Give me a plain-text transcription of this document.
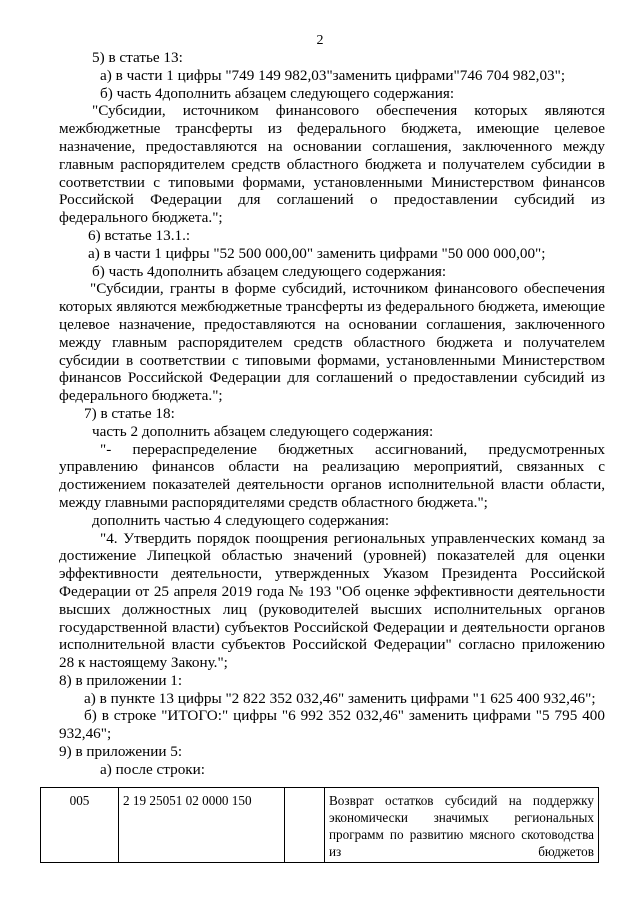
2

5) в статье 13:

а) в части 1 цифры "749 149 982,03"заменить цифрами"746 704 982,03";

б) часть 4дополнить абзацем следующего содержания:

"Субсидии, источником финансового обеспечения которых являются межбюджетные трансферты из федерального бюджета, имеющие целевое назначение, предоставляются на основании соглашения, заключенного между главным распорядителем средств областного бюджета и получателем субсидии в соответствии с типовыми формами, установленными Министерством финансов Российской Федерации для соглашений о предоставлении субсидий из федерального бюджета.";

6) встатье 13.1.:

а) в части 1 цифры "52 500 000,00" заменить цифрами "50 000 000,00";

б) часть 4дополнить абзацем следующего содержания:

"Субсидии, гранты в форме субсидий, источником финансового обеспечения которых являются межбюджетные трансферты из федерального бюджета, имеющие целевое назначение, предоставляются на основании соглашения, заключенного между главным распорядителем средств областного бюджета и получателем субсидии в соответствии с типовыми формами, установленными Министерством финансов Российской Федерации для соглашений о предоставлении субсидий из федерального бюджета.";

7) в статье 18:

часть 2 дополнить абзацем следующего содержания:

"- перераспределение бюджетных ассигнований, предусмотренных управлению финансов области на реализацию мероприятий, связанных с достижением показателей деятельности органов исполнительной власти области, между главными распорядителями средств областного бюджета.";

дополнить частью 4 следующего содержания:

"4. Утвердить порядок поощрения региональных управленческих команд за достижение Липецкой областью значений (уровней) показателей для оценки эффективности деятельности, утвержденных Указом Президента Российской Федерации от 25 апреля 2019 года № 193 "Об оценке эффективности деятельности высших должностных лиц (руководителей высших исполнительных органов государственной власти) субъектов Российской Федерации и деятельности органов исполнительной власти субъектов Российской Федерации" согласно приложению 28 к настоящему Закону.";

8) в приложении 1:

а) в пункте 13 цифры "2 822 352 032,46" заменить цифрами "1 625 400 932,46";

б) в строке "ИТОГО:" цифры "6 992 352 032,46" заменить цифрами "5 795 400 932,46";

9) в приложении 5:

а) после строки:

005	2 19 25051 02 0000 150		Возврат остатков субсидий на поддержку экономически значимых региональных программ по развитию мясного скотоводства из бюджетов
